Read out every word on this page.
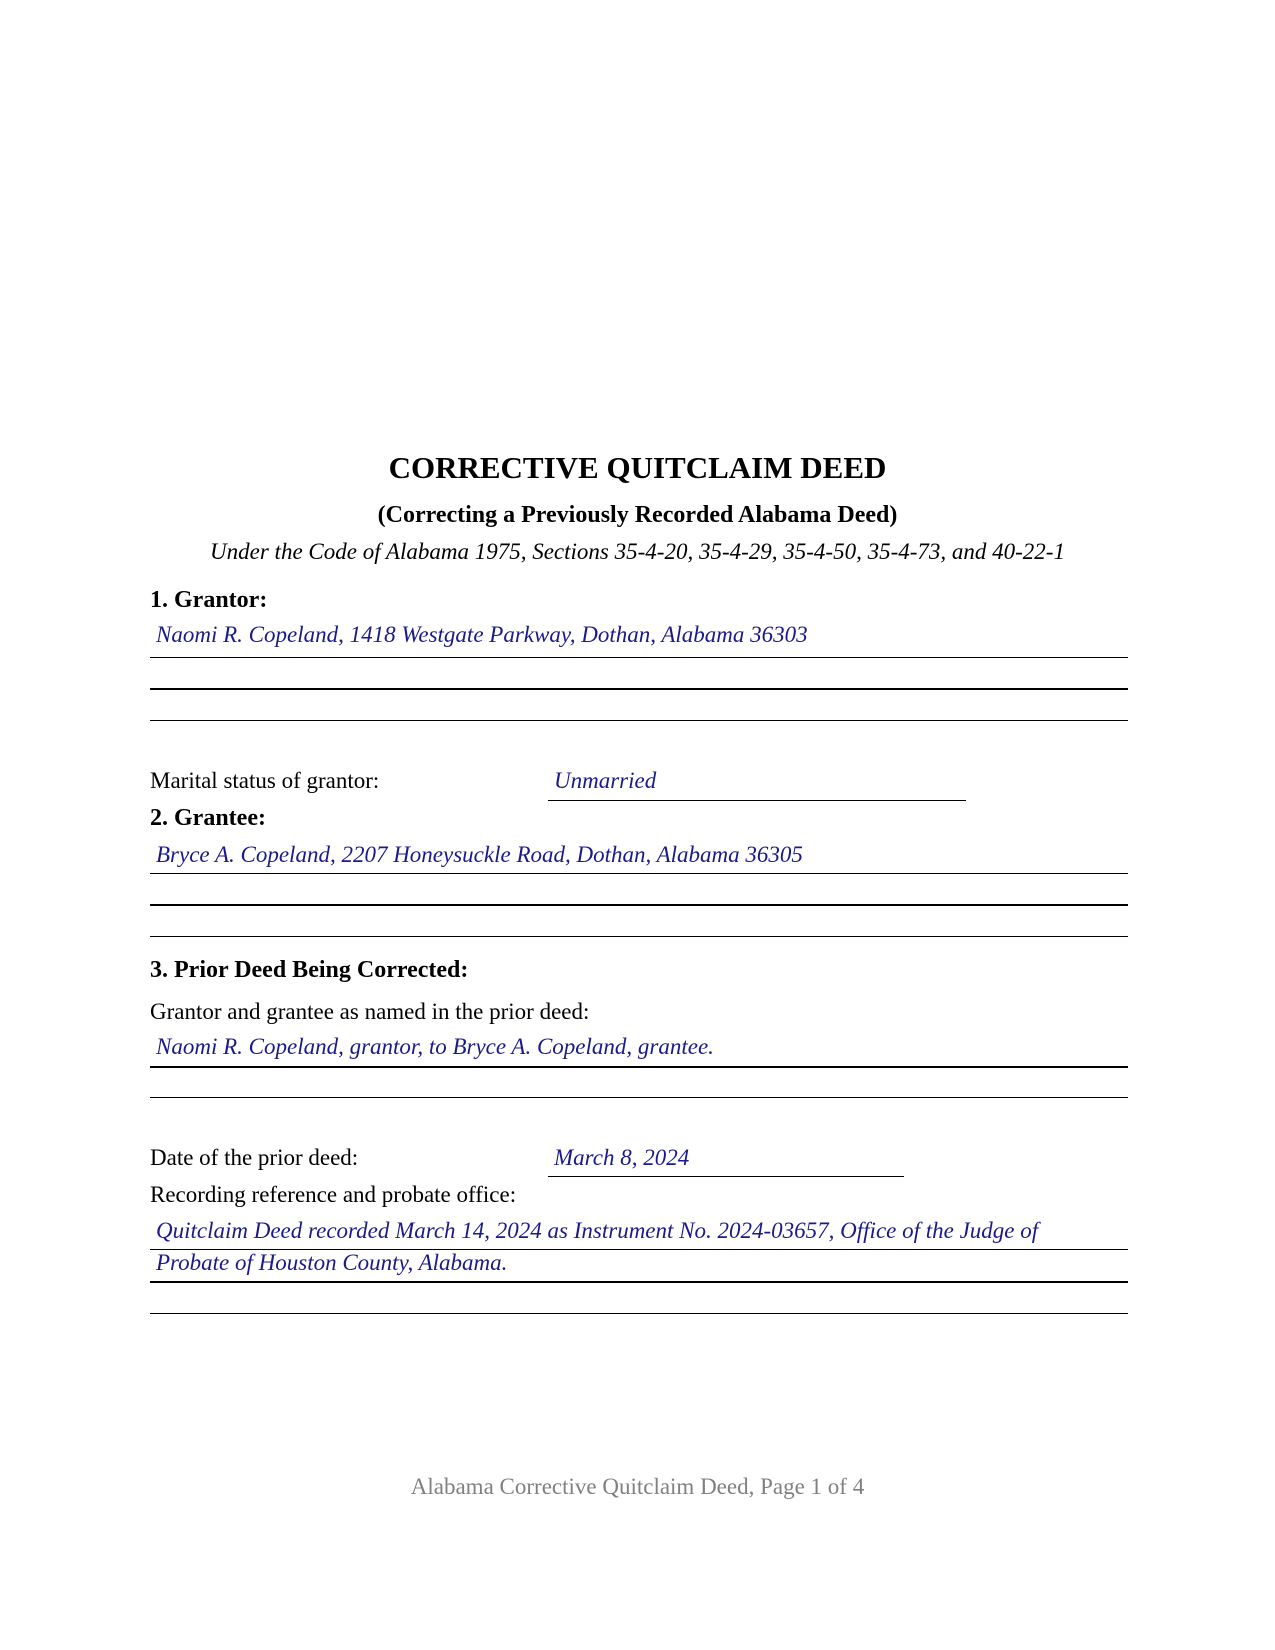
CORRECTIVE QUITCLAIM DEED
(Correcting a Previously Recorded Alabama Deed)
Under the Code of Alabama 1975, Sections 35-4-20, 35-4-29, 35-4-50, 35-4-73, and 40-22-1
1. Grantor:
Naomi R. Copeland, 1418 Westgate Parkway, Dothan, Alabama 36303
Marital status of grantor:	Unmarried
2. Grantee:
Bryce A. Copeland, 2207 Honeysuckle Road, Dothan, Alabama 36305
3. Prior Deed Being Corrected:
Grantor and grantee as named in the prior deed:
Naomi R. Copeland, grantor, to Bryce A. Copeland, grantee.
Date of the prior deed:	March 8, 2024
Recording reference and probate office:
Quitclaim Deed recorded March 14, 2024 as Instrument No. 2024-03657, Office of the Judge of
Probate of Houston County, Alabama.
Alabama Corrective Quitclaim Deed, Page 1 of 4
